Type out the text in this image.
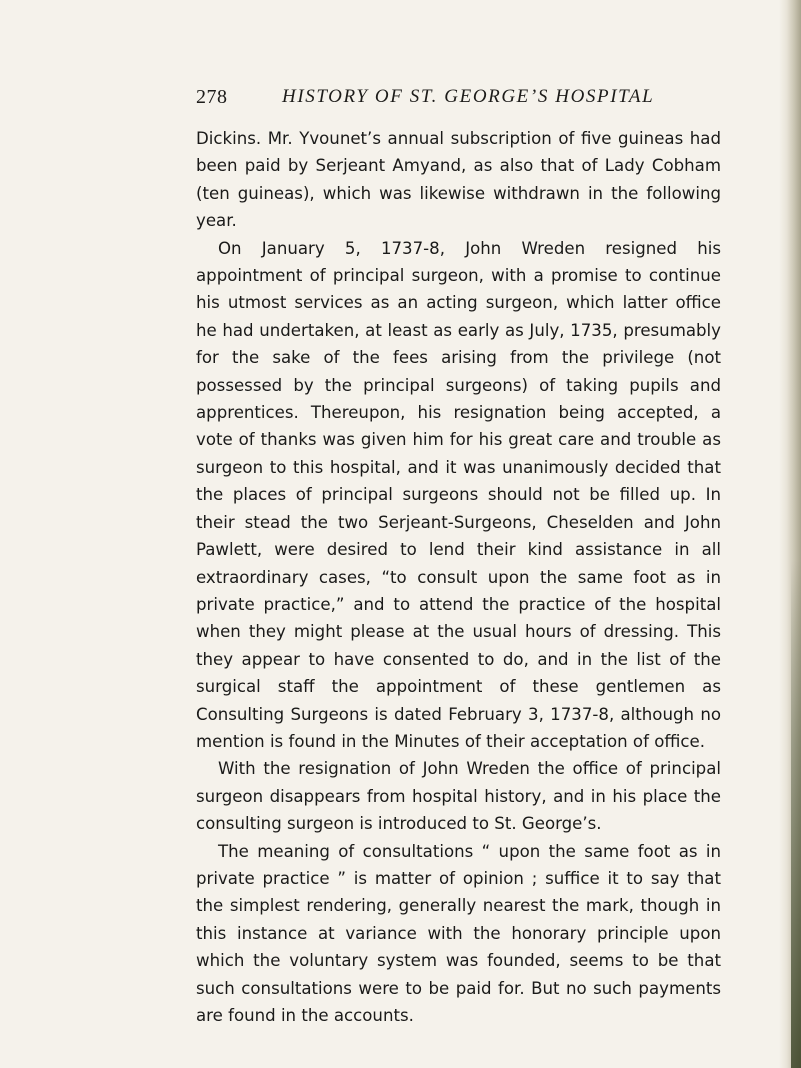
278	HISTORY OF ST. GEORGE’S HOSPITAL

Dickins. Mr. Yvounet’s annual subscription of five guineas had been paid by Serjeant Amyand, as also that of Lady Cobham (ten guineas), which was likewise withdrawn in the following year.

On January 5, 1737-8, John Wreden resigned his appointment of principal surgeon, with a promise to continue his utmost services as an acting surgeon, which latter office he had undertaken, at least as early as July, 1735, presumably for the sake of the fees arising from the privilege (not possessed by the principal surgeons) of taking pupils and apprentices. Thereupon, his resignation being accepted, a vote of thanks was given him for his great care and trouble as surgeon to this hospital, and it was unanimously decided that the places of principal surgeons should not be filled up. In their stead the two Serjeant-Surgeons, Cheselden and John Pawlett, were desired to lend their kind assistance in all extraordinary cases, “to consult upon the same foot as in private practice,” and to attend the practice of the hospital when they might please at the usual hours of dressing. This they appear to have consented to do, and in the list of the surgical staff the appointment of these gentlemen as Consulting Surgeons is dated February 3, 1737-8, although no mention is found in the Minutes of their acceptation of office.

With the resignation of John Wreden the office of principal surgeon disappears from hospital history, and in his place the consulting surgeon is introduced to St. George’s.

The meaning of consultations “ upon the same foot as in private practice ” is matter of opinion ; suffice it to say that the simplest rendering, generally nearest the mark, though in this instance at variance with the honorary principle upon which the voluntary system was founded, seems to be that such consultations were to be paid for. But no such payments are found in the accounts.
